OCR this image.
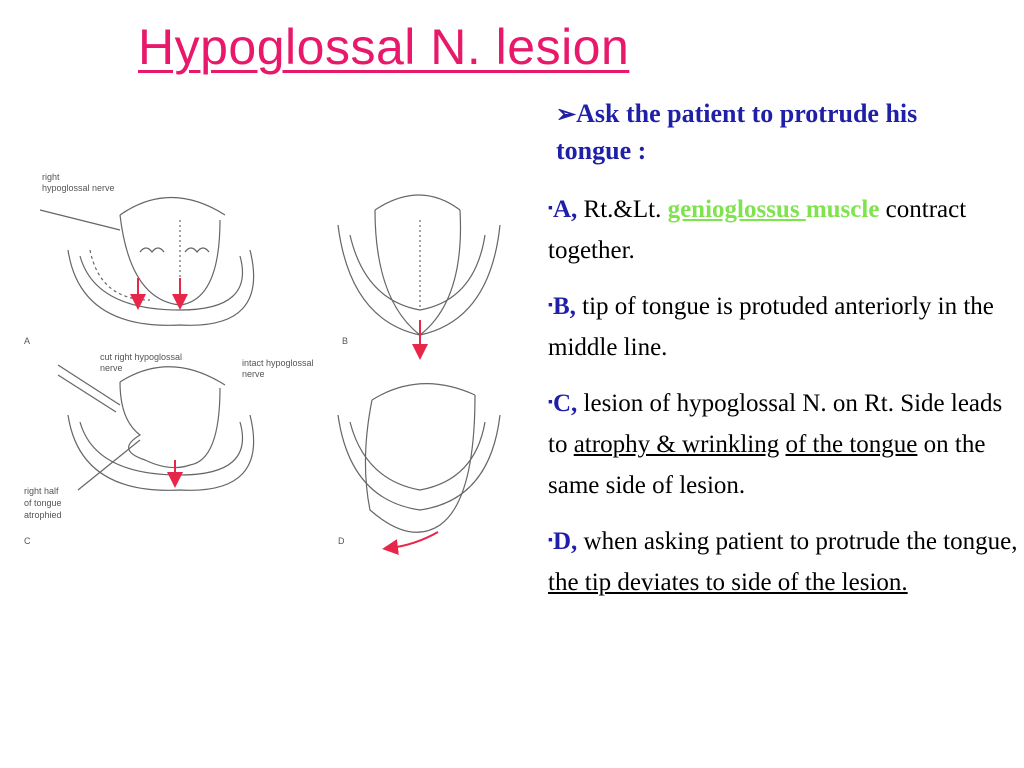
Hypoglossal N. lesion
➢Ask the patient to protrude his tongue :

▪A, Rt.&Lt. genioglossus muscle contract together.

▪B, tip of tongue is protuded anteriorly in the middle line.

▪C, lesion of hypoglossal N. on Rt. Side leads to atrophy & wrinkling of the tongue on the same side of lesion.

▪D, when asking patient to protrude the tongue, the tip deviates to side of the lesion.

right
hypoglossal nerve
A	B
cut right hypoglossal
nerve	intact hypoglossal
nerve
right half
of tongue
atrophied
C	D
